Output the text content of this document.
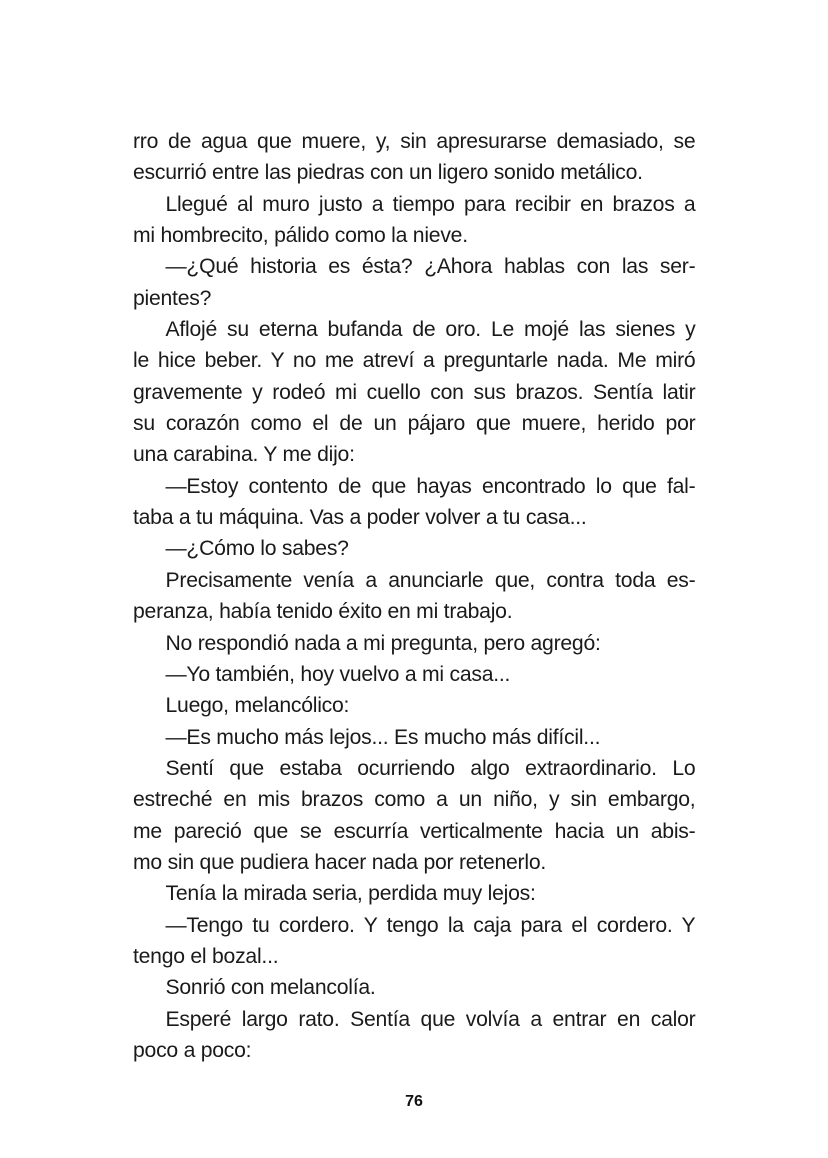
rro de agua que muere, y, sin apresurarse demasiado, se
escurrió entre las piedras con un ligero sonido metálico.
Llegué al muro justo a tiempo para recibir en brazos a
mi hombrecito, pálido como la nieve.
—¿Qué historia es ésta? ¿Ahora hablas con las ser-
pientes?
Aflojé su eterna bufanda de oro. Le mojé las sienes y
le hice beber. Y no me atreví a preguntarle nada. Me miró
gravemente y rodeó mi cuello con sus brazos. Sentía latir
su corazón como el de un pájaro que muere, herido por
una carabina. Y me dijo:
—Estoy contento de que hayas encontrado lo que fal-
taba a tu máquina. Vas a poder volver a tu casa...
—¿Cómo lo sabes?
Precisamente venía a anunciarle que, contra toda es-
peranza, había tenido éxito en mi trabajo.
No respondió nada a mi pregunta, pero agregó:
—Yo también, hoy vuelvo a mi casa...
Luego, melancólico:
—Es mucho más lejos... Es mucho más difícil...
Sentí que estaba ocurriendo algo extraordinario. Lo
estreché en mis brazos como a un niño, y sin embargo,
me pareció que se escurría verticalmente hacia un abis-
mo sin que pudiera hacer nada por retenerlo.
Tenía la mirada seria, perdida muy lejos:
—Tengo tu cordero. Y tengo la caja para el cordero. Y
tengo el bozal...
Sonrió con melancolía.
Esperé largo rato. Sentía que volvía a entrar en calor
poco a poco:
76
